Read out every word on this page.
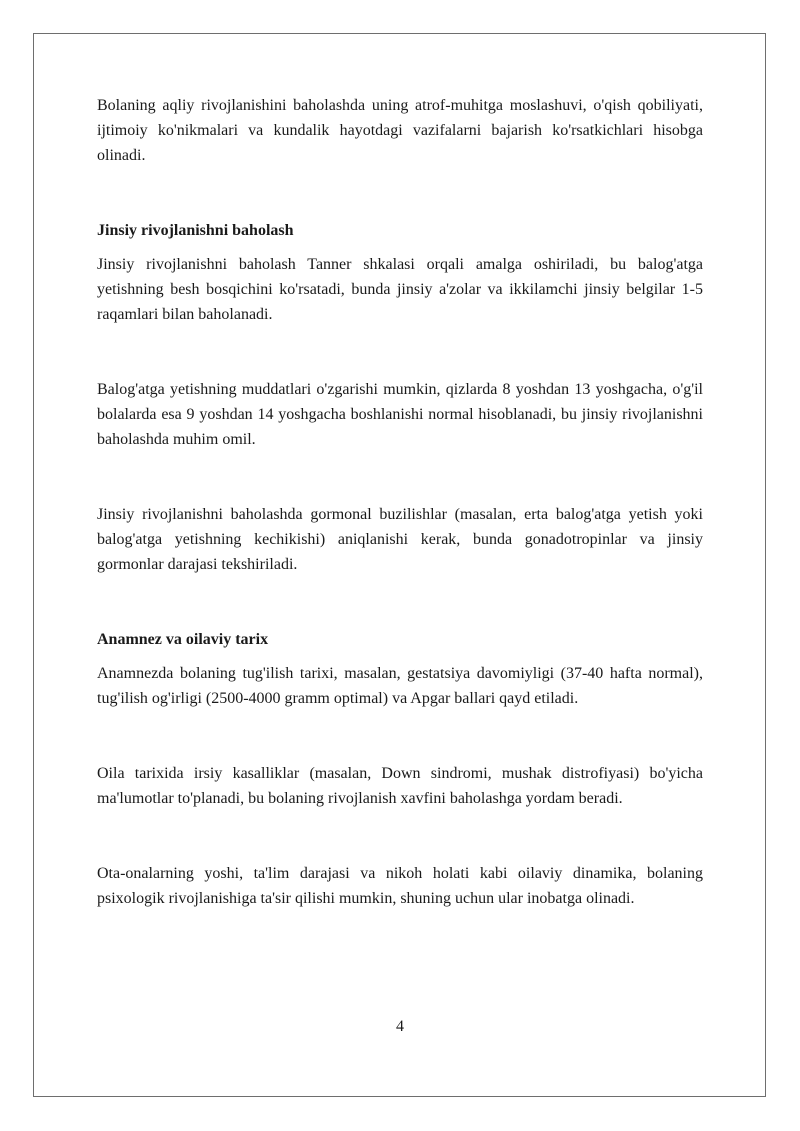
Bolaning aqliy rivojlanishini baholashda uning atrof-muhitga moslashuvi, o'qish qobiliyati, ijtimoiy ko'nikmalari va kundalik hayotdagi vazifalarni bajarish ko'rsatkichlari hisobga olinadi.

Jinsiy rivojlanishni baholash

Jinsiy rivojlanishni baholash Tanner shkalasi orqali amalga oshiriladi, bu balog'atga yetishning besh bosqichini ko'rsatadi, bunda jinsiy a'zolar va ikkilamchi jinsiy belgilar 1-5 raqamlari bilan baholanadi.

Balog'atga yetishning muddatlari o'zgarishi mumkin, qizlarda 8 yoshdan 13 yoshgacha, o'g'il bolalarda esa 9 yoshdan 14 yoshgacha boshlanishi normal hisoblanadi, bu jinsiy rivojlanishni baholashda muhim omil.

Jinsiy rivojlanishni baholashda gormonal buzilishlar (masalan, erta balog'atga yetish yoki balog'atga yetishning kechikishi) aniqlanishi kerak, bunda gonadotropinlar va jinsiy gormonlar darajasi tekshiriladi.

Anamnez va oilaviy tarix

Anamnezda bolaning tug'ilish tarixi, masalan, gestatsiya davomiyligi (37-40 hafta normal), tug'ilish og'irligi (2500-4000 gramm optimal) va Apgar ballari qayd etiladi.

Oila tarixida irsiy kasalliklar (masalan, Down sindromi, mushak distrofiyasi) bo'yicha ma'lumotlar to'planadi, bu bolaning rivojlanish xavfini baholashga yordam beradi.

Ota-onalarning yoshi, ta'lim darajasi va nikoh holati kabi oilaviy dinamika, bolaning psixologik rivojlanishiga ta'sir qilishi mumkin, shuning uchun ular inobatga olinadi.

4
